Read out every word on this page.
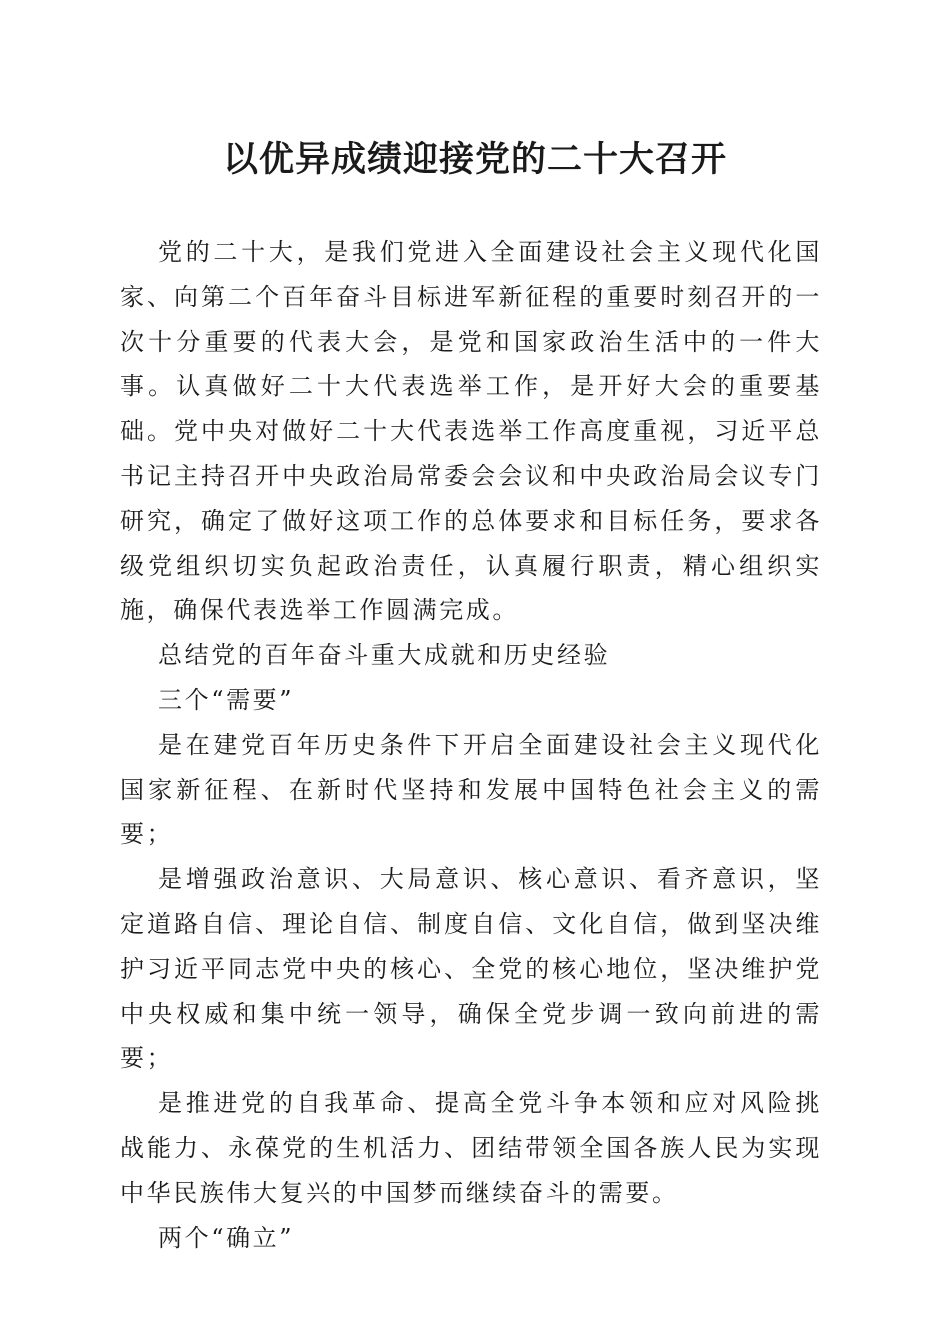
以优异成绩迎接党的二十大召开

党的二十大，是我们党进入全面建设社会主义现代化国家、向第二个百年奋斗目标进军新征程的重要时刻召开的一次十分重要的代表大会，是党和国家政治生活中的一件大事。认真做好二十大代表选举工作，是开好大会的重要基础。党中央对做好二十大代表选举工作高度重视，习近平总书记主持召开中央政治局常委会会议和中央政治局会议专门研究，确定了做好这项工作的总体要求和目标任务，要求各级党组织切实负起政治责任，认真履行职责，精心组织实施，确保代表选举工作圆满完成。

总结党的百年奋斗重大成就和历史经验

三个“需要”

是在建党百年历史条件下开启全面建设社会主义现代化国家新征程、在新时代坚持和发展中国特色社会主义的需要；

是增强政治意识、大局意识、核心意识、看齐意识，坚定道路自信、理论自信、制度自信、文化自信，做到坚决维护习近平同志党中央的核心、全党的核心地位，坚决维护党中央权威和集中统一领导，确保全党步调一致向前进的需要；

是推进党的自我革命、提高全党斗争本领和应对风险挑战能力、永葆党的生机活力、团结带领全国各族人民为实现中华民族伟大复兴的中国梦而继续奋斗的需要。

两个“确立”
